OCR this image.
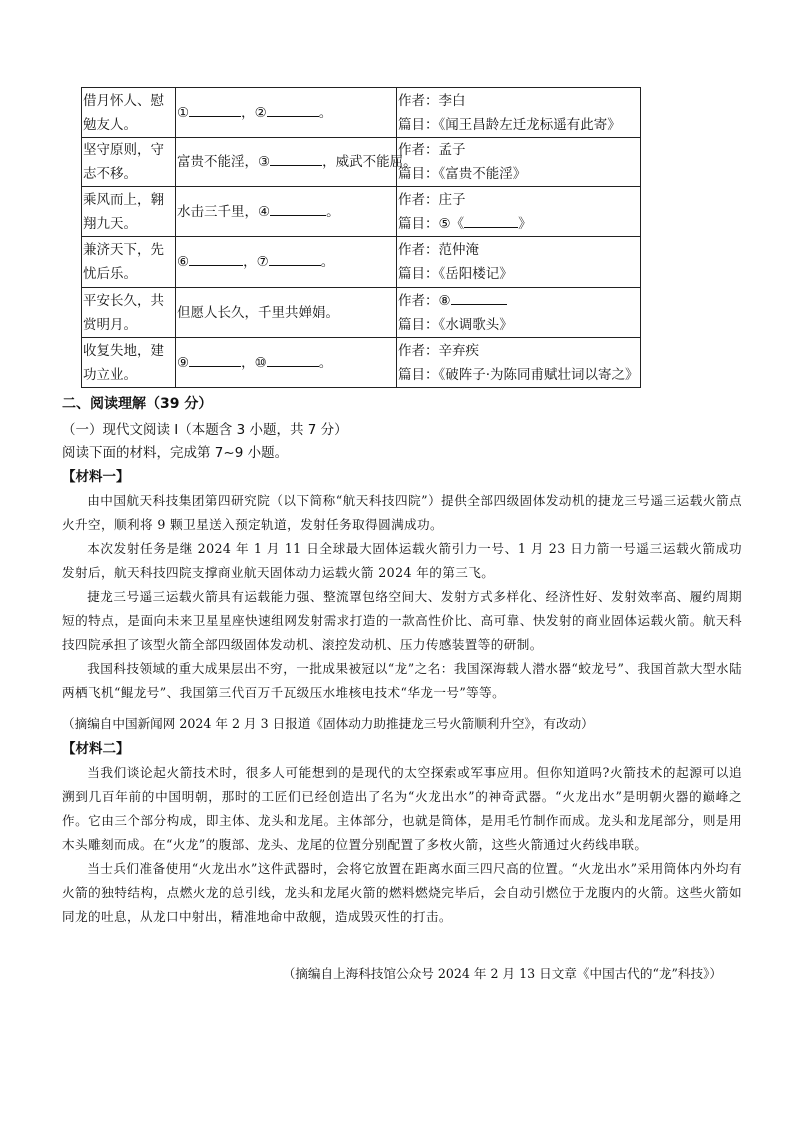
借月怀人、慰勉友人。	① ，② 。	作者：李白
篇目：《闻王昌龄左迁龙标遥有此寄》

坚守原则，守志不移。	富贵不能淫，③ ，威武不能屈。	作者：孟子
篇目：《富贵不能淫》

乘风而上，翱翔九天。	水击三千里，④ 。	作者：庄子
篇目：⑤《 》

兼济天下，先忧后乐。	⑥ ，⑦ 。	作者：范仲淹
篇目：《岳阳楼记》

平安长久，共赏明月。	但愿人长久，千里共婵娟。	作者：⑧
篇目：《水调歌头》

收复失地，建功立业。	⑨ ，⑩ 。	作者：辛弃疾
篇目：《破阵子·为陈同甫赋壮词以寄之》
二、阅读理解（39 分）
（一）现代文阅读 I（本题含 3 小题，共 7 分）
阅读下面的材料，完成第 7~9 小题。
【材料一】

由中国航天科技集团第四研究院（以下简称“航天科技四院”）提供全部四级固体发动机的捷龙三号遥三运载火箭点火升空，顺利将 9 颗卫星送入预定轨道，发射任务取得圆满成功。

本次发射任务是继 2024 年 1 月 11 日全球最大固体运载火箭引力一号、1 月 23 日力箭一号遥三运载火箭成功发射后，航天科技四院支撑商业航天固体动力运载火箭 2024 年的第三飞。

捷龙三号遥三运载火箭具有运载能力强、整流罩包络空间大、发射方式多样化、经济性好、发射效率高、履约周期短的特点，是面向未来卫星星座快速组网发射需求打造的一款高性价比、高可靠、快发射的商业固体运载火箭。航天科技四院承担了该型火箭全部四级固体发动机、滚控发动机、压力传感装置等的研制。

我国科技领域的重大成果层出不穷，一批成果被冠以“龙”之名：我国深海载人潜水器“蛟龙号”、我国首款大型水陆两栖飞机“鲲龙号”、我国第三代百万千瓦级压水堆核电技术“华龙一号”等等。

（摘编自中国新闻网 2024 年 2 月 3 日报道《固体动力助推捷龙三号火箭顺利升空》，有改动）
【材料二】

当我们谈论起火箭技术时，很多人可能想到的是现代的太空探索或军事应用。但你知道吗?火箭技术的起源可以追溯到几百年前的中国明朝，那时的工匠们已经创造出了名为“火龙出水”的神奇武器。“火龙出水”是明朝火器的巅峰之作。它由三个部分构成，即主体、龙头和龙尾。主体部分，也就是筒体，是用毛竹制作而成。龙头和龙尾部分，则是用木头雕刻而成。在“火龙”的腹部、龙头、龙尾的位置分别配置了多枚火箭，这些火箭通过火药线串联。

当士兵们准备使用“火龙出水”这件武器时，会将它放置在距离水面三四尺高的位置。“火龙出水”采用筒体内外均有火箭的独特结构，点燃火龙的总引线，龙头和龙尾火箭的燃料燃烧完毕后，会自动引燃位于龙腹内的火箭。这些火箭如同龙的吐息，从龙口中射出，精准地命中敌舰，造成毁灭性的打击。

（摘编自上海科技馆公众号 2024 年 2 月 13 日文章《中国古代的“龙”科技》）
